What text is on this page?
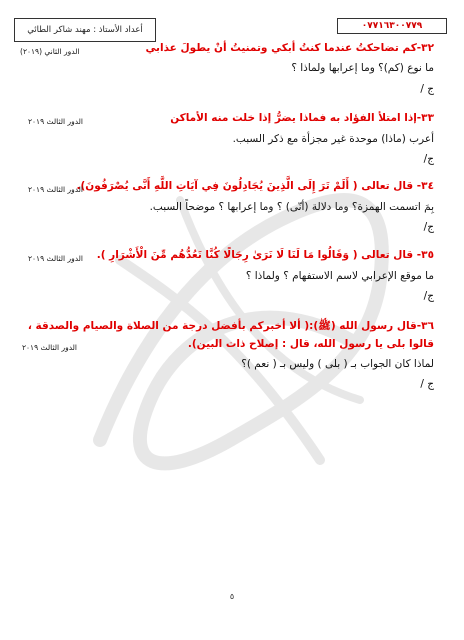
٠٧٧١٦٣٠٠٧٧٩
أعداد الأستاذ : مهند شاكر الطائي
٣٢-كم تضاحكتُ عندما كنتُ أبكي وتمنيتُ أنْ يطولَ عذابي
الدور الثاني (٢٠١٩)
ما نوع (كم)؟ وما إعرابها ولماذا ؟
ج /
٣٣-إذا امتلأ الفؤاد به فماذا يضرُّ إذا خلت منه الأماكن
الدور الثالث ٢٠١٩
أعرب (ماذا) موحدة غير مجزأة مع ذكر السبب.
ج/
٣٤- قال تعالى ( أَلَمْ تَرَ إِلَى الَّذِينَ يُجَادِلُونَ فِي آيَاتِ اللَّهِ أَنَّى يُصْرَفُونَ).
الدور الثالث ٢٠١٩
بِمَ اتسمت الهمزة؟ وما دلالة (أنّى) ؟ وما إعرابها ؟ موضحاً السبب.
ج/
٣٥- قال تعالى ( وَقَالُوا مَا لَنَا لَا نَرَىٰ رِجَالًا كُنَّا نَعُدُّهُم مِّنَ الْأَشْرَارِ ).
الدور الثالث ٢٠١٩
ما موقع الإعرابي لاسم الاستفهام ؟ ولماذا ؟
ج/
٣٦-قال رسول الله (ﷺ):( ألا أخبركم بأفضل درجة من الصلاة والصيام والصدقة ،
قالوا بلى يا رسول الله، قال : إصلاح ذات البين).
الدور الثالث ٢٠١٩
لماذا كان الجواب بـ ( بلى ) وليس بـ ( نعم )؟
ج /
٥
